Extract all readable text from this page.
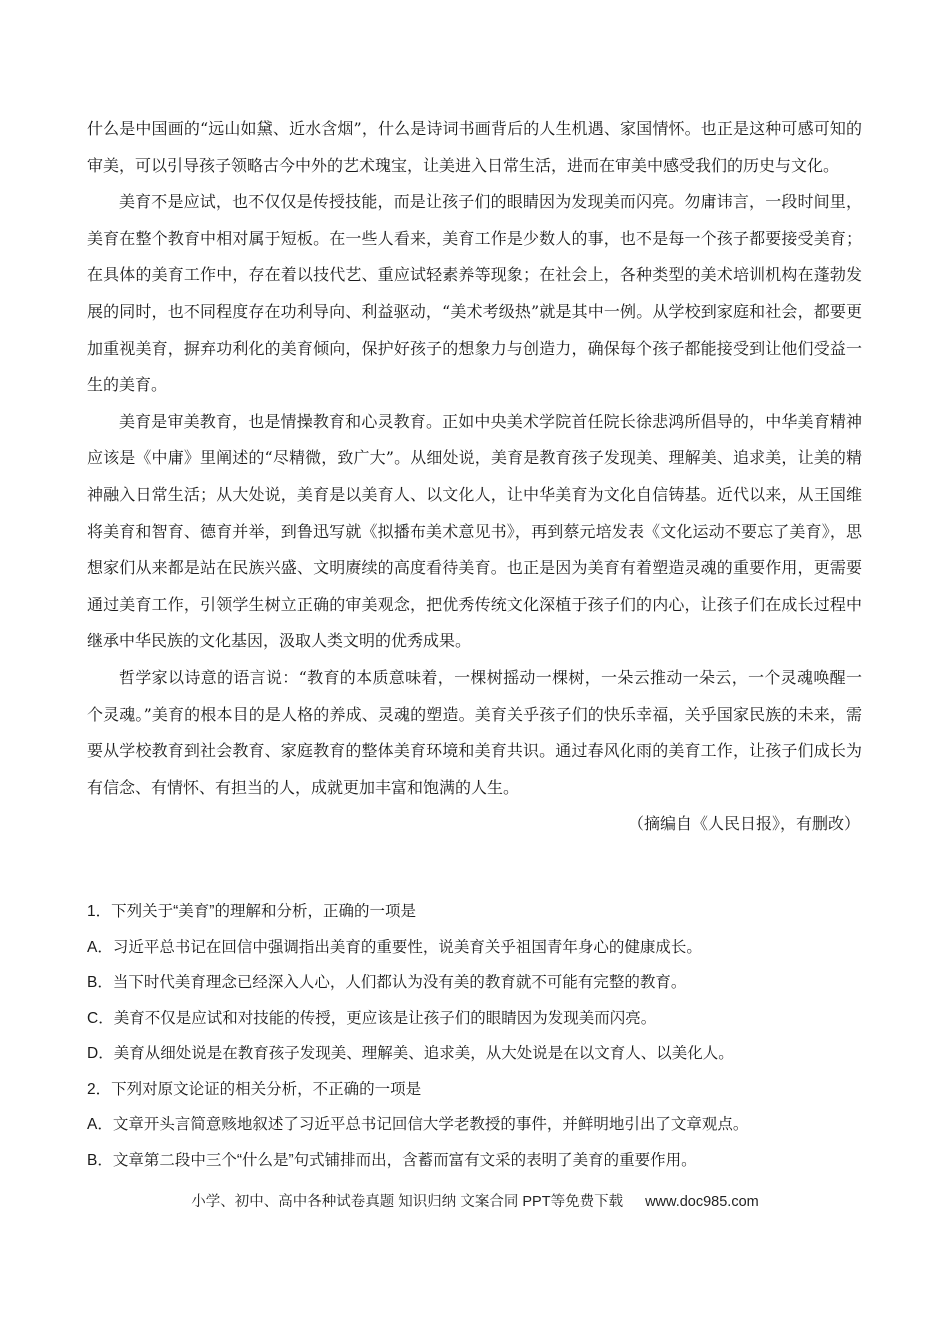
什么是中国画的“远山如黛、近水含烟”，什么是诗词书画背后的人生机遇、家国情怀。也正是这种可感可知的审美，可以引导孩子领略古今中外的艺术瑰宝，让美进入日常生活，进而在审美中感受我们的历史与文化。

美育不是应试，也不仅仅是传授技能，而是让孩子们的眼睛因为发现美而闪亮。勿庸讳言，一段时间里，美育在整个教育中相对属于短板。在一些人看来，美育工作是少数人的事，也不是每一个孩子都要接受美育；在具体的美育工作中，存在着以技代艺、重应试轻素养等现象；在社会上，各种类型的美术培训机构在蓬勃发展的同时，也不同程度存在功利导向、利益驱动，“美术考级热”就是其中一例。从学校到家庭和社会，都要更加重视美育，摒弃功利化的美育倾向，保护好孩子的想象力与创造力，确保每个孩子都能接受到让他们受益一生的美育。

美育是审美教育，也是情操教育和心灵教育。正如中央美术学院首任院长徐悲鸿所倡导的，中华美育精神应该是《中庸》里阐述的“尽精微，致广大”。从细处说，美育是教育孩子发现美、理解美、追求美，让美的精神融入日常生活；从大处说，美育是以美育人、以文化人，让中华美育为文化自信铸基。近代以来，从王国维将美育和智育、德育并举，到鲁迅写就《拟播布美术意见书》，再到蔡元培发表《文化运动不要忘了美育》，思想家们从来都是站在民族兴盛、文明赓续的高度看待美育。也正是因为美育有着塑造灵魂的重要作用，更需要通过美育工作，引领学生树立正确的审美观念，把优秀传统文化深植于孩子们的内心，让孩子们在成长过程中继承中华民族的文化基因，汲取人类文明的优秀成果。

哲学家以诗意的语言说：“教育的本质意味着，一棵树摇动一棵树，一朵云推动一朵云，一个灵魂唤醒一个灵魂。”美育的根本目的是人格的养成、灵魂的塑造。美育关乎孩子们的快乐幸福，关乎国家民族的未来，需要从学校教育到社会教育、家庭教育的整体美育环境和美育共识。通过春风化雨的美育工作，让孩子们成长为有信念、有情怀、有担当的人，成就更加丰富和饱满的人生。

（摘编自《人民日报》，有删改）

1．下列关于“美育”的理解和分析，正确的一项是

A．习近平总书记在回信中强调指出美育的重要性，说美育关乎祖国青年身心的健康成长。

B．当下时代美育理念已经深入人心，人们都认为没有美的教育就不可能有完整的教育。

C．美育不仅是应试和对技能的传授，更应该是让孩子们的眼睛因为发现美而闪亮。

D．美育从细处说是在教育孩子发现美、理解美、追求美，从大处说是在以文育人、以美化人。

2．下列对原文论证的相关分析，不正确的一项是

A．文章开头言简意赅地叙述了习近平总书记回信大学老教授的事件，并鲜明地引出了文章观点。

B．文章第二段中三个“什么是”句式铺排而出，含蓄而富有文采的表明了美育的重要作用。

小学、初中、高中各种试卷真题 知识归纳 文案合同 PPT等免费下载 www.doc985.com
